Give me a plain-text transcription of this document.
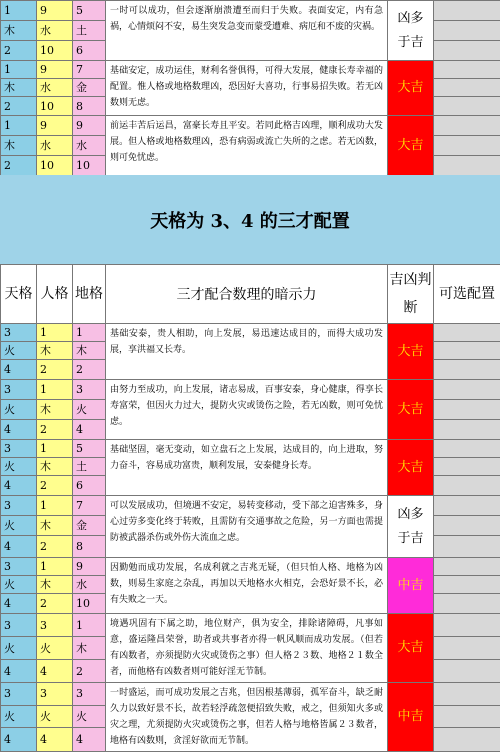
1	9	5	一时可以成功，但会逐渐崩溃遭至而归于失败。表面安定，内有急祸，心情烦闷不安，易生突发急变而蒙受遭难、病厄和不废的灾祸。	凶多于吉	
木	水	土			
2	10	6			
1	9	7	基础安定，成功运佳，财利名誉俱得，可得大发展，健康长寿幸福的配置。惟人格或地格数理凶，恐因好大喜功，行事易招失败。若无凶数则无虑。	大吉	
木	水	金			
2	10	8			
1	9	9	前运丰苦后运昌，富豪长寿且平安。若同此格吉凶理，顺利成功大发展。但人格或地格数理凶，恐有病弱或流亡失所的之虑。若无凶数，则可免忧虑。	大吉	
木	水	水			
2	10	10			
天格为 3、4 的三才配置
天格	人格	地格	三才配合数理的暗示力	吉凶判断	可选配置
3	1	1	基础安泰，贵人相助，向上发展，易迅速达成目的，而得大成功发展，享洪福又长寿。	大吉	
火	木	木			
4	2	2			
3	1	3	由努力至成功，向上发展，诸志易成，百事安泰，身心健康，得享长寿富荣，但因火力过大，提防火灾或烫伤之险，若无凶数，则可免忧虑。	大吉	
火	木	火			
4	2	4			
3	1	5	基础坚固，毫无变动，如立盘石之上发展，达成目的，向上进取，努力奋斗，容易成功富贵，顺利发展，安泰健身长寿。	大吉	
火	木	土			
4	2	6			
3	1	7	可以发展成功，但境遇不安定，易转变移动，受下部之迫害殊多，身心过劳多变化终于转败，且需防有交通事故之危险，另一方面也需提防被武器杀伤或外伤大流血之虑。	凶多于吉	
火	木	金			
4	2	8			
3	1	9	因勤勉而成功发展，名成利就之吉兆无疑，（但只怕人格、地格为凶数，则易生家庭之杂乱，再加以天地格水火相克，会恐好景不长，必有失败之一天。	中吉	
火	木	水			
4	2	10			
3	3	1	境遇巩固有下属之助，地位财产，俱为安全，排除诸障碍，凡事如意，盛运隆昌荣誉，助者或共事者亦得一帆风顺而成功发展。（但若有凶数者，亦须提防火灾或烫伤之事）但人格２３数、地格２１数全者，而他格有凶数者则可能好淫无节制。	大吉	
火	火	木			
4	4	2			
3	3	3	一时盛运，而可成功发展之吉兆，但因根基薄弱，孤军奋斗，缺乏耐久力以致好景不长，故若轻浮疏忽便招致失败，戒之，但须知火多或灾之理，尤须提防火灾或烫伤之事，但若人格与地格皆属２３数者，地格有凶数则，贪淫好欲而无节制。	中吉	
火	火	火			
4	4	4			
